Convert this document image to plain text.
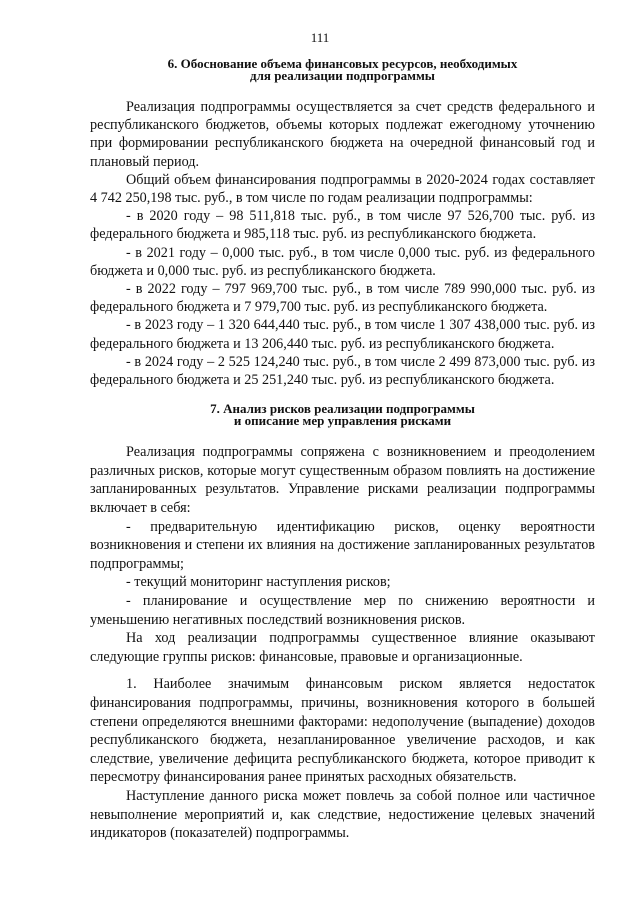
111
6. Обоснование объема финансовых ресурсов, необходимых
для реализации подпрограммы

Реализация подпрограммы осуществляется за счет средств федерального и республиканского бюджетов, объемы которых подлежат ежегодному уточнению при формировании республиканского бюджета на очередной финансовый год и плановый период.

Общий объем финансирования подпрограммы в 2020-2024 годах составляет 4 742 250,198 тыс. руб., в том числе по годам реализации подпрограммы:

- в 2020 году – 98 511,818 тыс. руб., в том числе 97 526,700 тыс. руб. из федерального бюджета и 985,118 тыс. руб. из республиканского бюджета.

- в 2021 году – 0,000 тыс. руб., в том числе 0,000 тыс. руб. из федерального бюджета и 0,000 тыс. руб. из республиканского бюджета.

- в 2022 году – 797 969,700 тыс. руб., в том числе 789 990,000 тыс. руб. из федерального бюджета и 7 979,700 тыс. руб. из республиканского бюджета.

- в 2023 году – 1 320 644,440 тыс. руб., в том числе 1 307 438,000 тыс. руб. из федерального бюджета и 13 206,440 тыс. руб. из республиканского бюджета.

- в 2024 году – 2 525 124,240 тыс. руб., в том числе 2 499 873,000 тыс. руб. из федерального бюджета и 25 251,240 тыс. руб. из республиканского бюджета.

7. Анализ рисков реализации подпрограммы
и описание мер управления рисками

Реализация подпрограммы сопряжена с возникновением и преодолением различных рисков, которые могут существенным образом повлиять на достижение запланированных результатов. Управление рисками реализации подпрограммы включает в себя:

- предварительную идентификацию рисков, оценку вероятности возникновения и степени их влияния на достижение запланированных результатов подпрограммы;

- текущий мониторинг наступления рисков;

- планирование и осуществление мер по снижению вероятности и уменьшению негативных последствий возникновения рисков.

На ход реализации подпрограммы существенное влияние оказывают следующие группы рисков: финансовые, правовые и организационные.

1. Наиболее значимым финансовым риском является недостаток финансирования подпрограммы, причины, возникновения которого в большей степени определяются внешними факторами: недополучение (выпадение) доходов республиканского бюджета, незапланированное увеличение расходов, и как следствие, увеличение дефицита республиканского бюджета, которое приводит к пересмотру финансирования ранее принятых расходных обязательств.

Наступление данного риска может повлечь за собой полное или частичное невыполнение мероприятий и, как следствие, недостижение целевых значений индикаторов (показателей) подпрограммы.
